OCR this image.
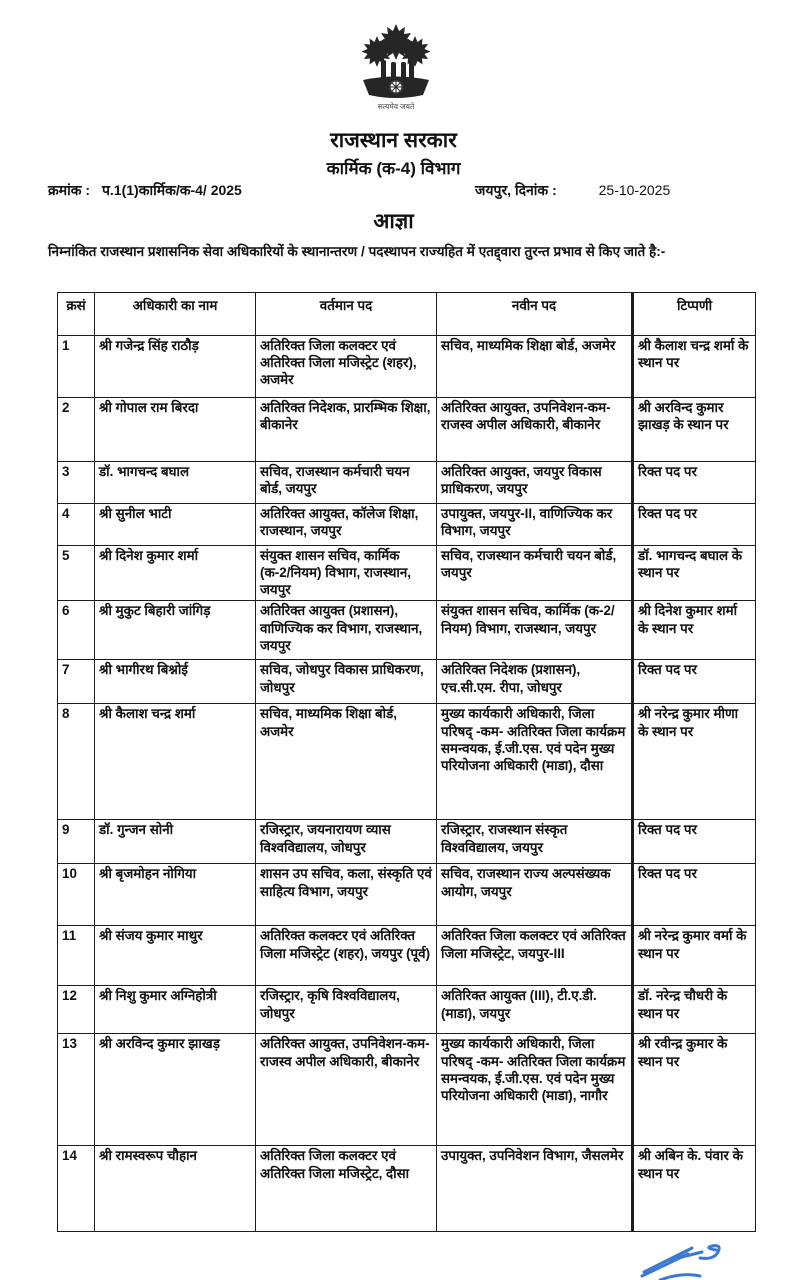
सत्यमेव जयते
राजस्थान सरकार
कार्मिक (क-4) विभाग
क्रमांक : प.1(1)कार्मिक/क-4/ 2025	जयपुर, दिनांक :	25-10-2025
आज्ञा
निम्नांकित राजस्थान प्रशासनिक सेवा अधिकारियों के स्थानान्तरण / पदस्थापन राज्यहित में एतद्द्वारा तुरन्त प्रभाव से किए जाते है:-
क्रसं	अधिकारी का नाम	वर्तमान पद	नवीन पद	टिप्पणी
1	श्री गजेन्द्र सिंह राठौड़	अतिरिक्त जिला कलक्टर एवं अतिरिक्त जिला मजिस्ट्रेट (शहर), अजमेर	सचिव, माध्यमिक शिक्षा बोर्ड, अजमेर	श्री कैलाश चन्द्र शर्मा के स्थान पर
2	श्री गोपाल राम बिरदा	अतिरिक्त निदेशक, प्रारम्भिक शिक्षा, बीकानेर	अतिरिक्त आयुक्त, उपनिवेशन-कम-राजस्व अपील अधिकारी, बीकानेर	श्री अरविन्द कुमार झाखड़ के स्थान पर
3	डॉ. भागचन्द बघाल	सचिव, राजस्थान कर्मचारी चयन बोर्ड, जयपुर	अतिरिक्त आयुक्त, जयपुर विकास प्राधिकरण, जयपुर	रिक्त पद पर
4	श्री सुनील भाटी	अतिरिक्त आयुक्त, कॉलेज शिक्षा, राजस्थान, जयपुर	उपायुक्त, जयपुर-II, वाणिज्यिक कर विभाग, जयपुर	रिक्त पद पर
5	श्री दिनेश कुमार शर्मा	संयुक्त शासन सचिव, कार्मिक (क-2/नियम) विभाग, राजस्थान, जयपुर	सचिव, राजस्थान कर्मचारी चयन बोर्ड, जयपुर	डॉ. भागचन्द बघाल के स्थान पर
6	श्री मुकुट बिहारी जांगिड़	अतिरिक्त आयुक्त (प्रशासन), वाणिज्यिक कर विभाग, राजस्थान, जयपुर	संयुक्त शासन सचिव, कार्मिक (क-2/नियम) विभाग, राजस्थान, जयपुर	श्री दिनेश कुमार शर्मा के स्थान पर
7	श्री भागीरथ बिश्नोई	सचिव, जोधपुर विकास प्राधिकरण, जोधपुर	अतिरिक्त निदेशक (प्रशासन), एच.सी.एम. रीपा, जोधपुर	रिक्त पद पर
8	श्री कैलाश चन्द्र शर्मा	सचिव, माध्यमिक शिक्षा बोर्ड, अजमेर	मुख्य कार्यकारी अधिकारी, जिला परिषद् -कम- अतिरिक्त जिला कार्यक्रम समन्वयक, ई.जी.एस. एवं पदेन मुख्य परियोजना अधिकारी (माडा), दौसा	श्री नरेन्द्र कुमार मीणा के स्थान पर
9	डॉ. गुन्जन सोनी	रजिस्ट्रार, जयनारायण व्यास विश्वविद्यालय, जोधपुर	रजिस्ट्रार, राजस्थान संस्कृत विश्वविद्यालय, जयपुर	रिक्त पद पर
10	श्री बृजमोहन नोगिया	शासन उप सचिव, कला, संस्कृति एवं साहित्य विभाग, जयपुर	सचिव, राजस्थान राज्य अल्पसंख्यक आयोग, जयपुर	रिक्त पद पर
11	श्री संजय कुमार माथुर	अतिरिक्त कलक्टर एवं अतिरिक्त जिला मजिस्ट्रेट (शहर), जयपुर (पूर्व)	अतिरिक्त जिला कलक्टर एवं अतिरिक्त जिला मजिस्ट्रेट, जयपुर-III	श्री नरेन्द्र कुमार वर्मा के स्थान पर
12	श्री निशु कुमार अग्निहोत्री	रजिस्ट्रार, कृषि विश्वविद्यालय, जोधपुर	अतिरिक्त आयुक्त (III), टी.ए.डी. (माडा), जयपुर	डॉ. नरेन्द्र चौधरी के स्थान पर
13	श्री अरविन्द कुमार झाखड़	अतिरिक्त आयुक्त, उपनिवेशन-कम-राजस्व अपील अधिकारी, बीकानेर	मुख्य कार्यकारी अधिकारी, जिला परिषद् -कम- अतिरिक्त जिला कार्यक्रम समन्वयक, ई.जी.एस. एवं पदेन मुख्य परियोजना अधिकारी (माडा), नागौर	श्री रवीन्द्र कुमार के स्थान पर
14	श्री रामस्वरूप चौहान	अतिरिक्त जिला कलक्टर एवं अतिरिक्त जिला मजिस्ट्रेट, दौसा	उपायुक्त, उपनिवेशन विभाग, जैसलमेर	श्री अबिन के. पंवार के स्थान पर
